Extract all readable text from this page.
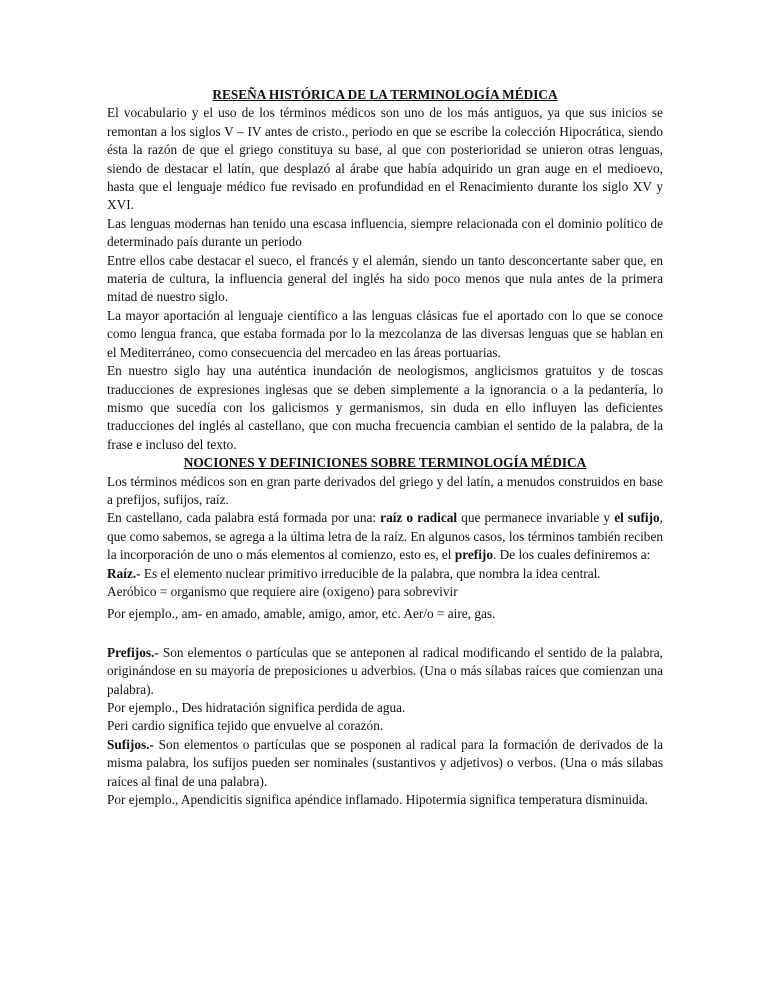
RESEÑA HISTÓRICA DE LA TERMINOLOGÍA MÉDICA

El vocabulario y el uso de los términos médicos son uno de los más antiguos, ya que sus inicios se remontan a los siglos V – IV antes de cristo., periodo en que se escribe la colección Hipocrática, siendo ésta la razón de que el griego constituya su base, al que con posterioridad se unieron otras lenguas, siendo de destacar el latín, que desplazó al árabe que había adquirido un gran auge en el medioevo, hasta que el lenguaje médico fue revisado en profundidad en el Renacimiento durante los siglo XV y XVI.

Las lenguas modernas han tenido una escasa influencia, siempre relacionada con el dominio político de determinado país durante un periodo

Entre ellos cabe destacar el sueco, el francés y el alemán, siendo un tanto desconcertante saber que, en materia de cultura, la influencia general del inglés ha sido poco menos que nula antes de la primera mitad de nuestro siglo.

La mayor aportación al lenguaje científico a las lenguas clásicas fue el aportado con lo que se conoce como lengua franca, que estaba formada por lo la mezcolanza de las diversas lenguas que se hablan en el Mediterráneo, como consecuencia del mercadeo en las áreas portuarias.

En nuestro siglo hay una auténtica inundación de neologismos, anglicismos gratuitos y de toscas traducciones de expresiones inglesas que se deben simplemente a la ignorancia o a la pedantería, lo mismo que sucedía con los galicismos y germanismos, sin duda en ello influyen las deficientes traducciones del inglés al castellano, que con mucha frecuencia cambian el sentido de la palabra, de la frase e incluso del texto.

NOCIONES Y DEFINICIONES SOBRE TERMINOLOGÍA MÉDICA

Los términos médicos son en gran parte derivados del griego y del latín, a menudos construidos en base a prefijos, sufijos, raíz.

En castellano, cada palabra está formada por una: raíz o radical que permanece invariable y el sufijo, que como sabemos, se agrega a la última letra de la raíz. En algunos casos, los términos también reciben la incorporación de uno o más elementos al comienzo, esto es, el prefijo. De los cuales definiremos a:

Raíz.- Es el elemento nuclear primitivo irreducible de la palabra, que nombra la idea central.

Aeróbico = organismo que requiere aire (oxigeno) para sobrevivir

Por ejemplo., am- en amado, amable, amigo, amor, etc. Aer/o = aire, gas.

Prefijos.- Son elementos o partículas que se anteponen al radical modificando el sentido de la palabra, originándose en su mayoría de preposiciones u adverbios. (Una o más sílabas raíces que comienzan una palabra).

Por ejemplo., Des hidratación significa perdida de agua.

Peri cardio significa tejido que envuelve al corazón.

Sufijos.- Son elementos o partículas que se posponen al radical para la formación de derivados de la misma palabra, los sufijos pueden ser nominales (sustantivos y adjetivos) o verbos. (Una o más silabas raíces al final de una palabra).

Por ejemplo., Apendicitis significa apéndice inflamado. Hipotermia significa temperatura disminuida.
